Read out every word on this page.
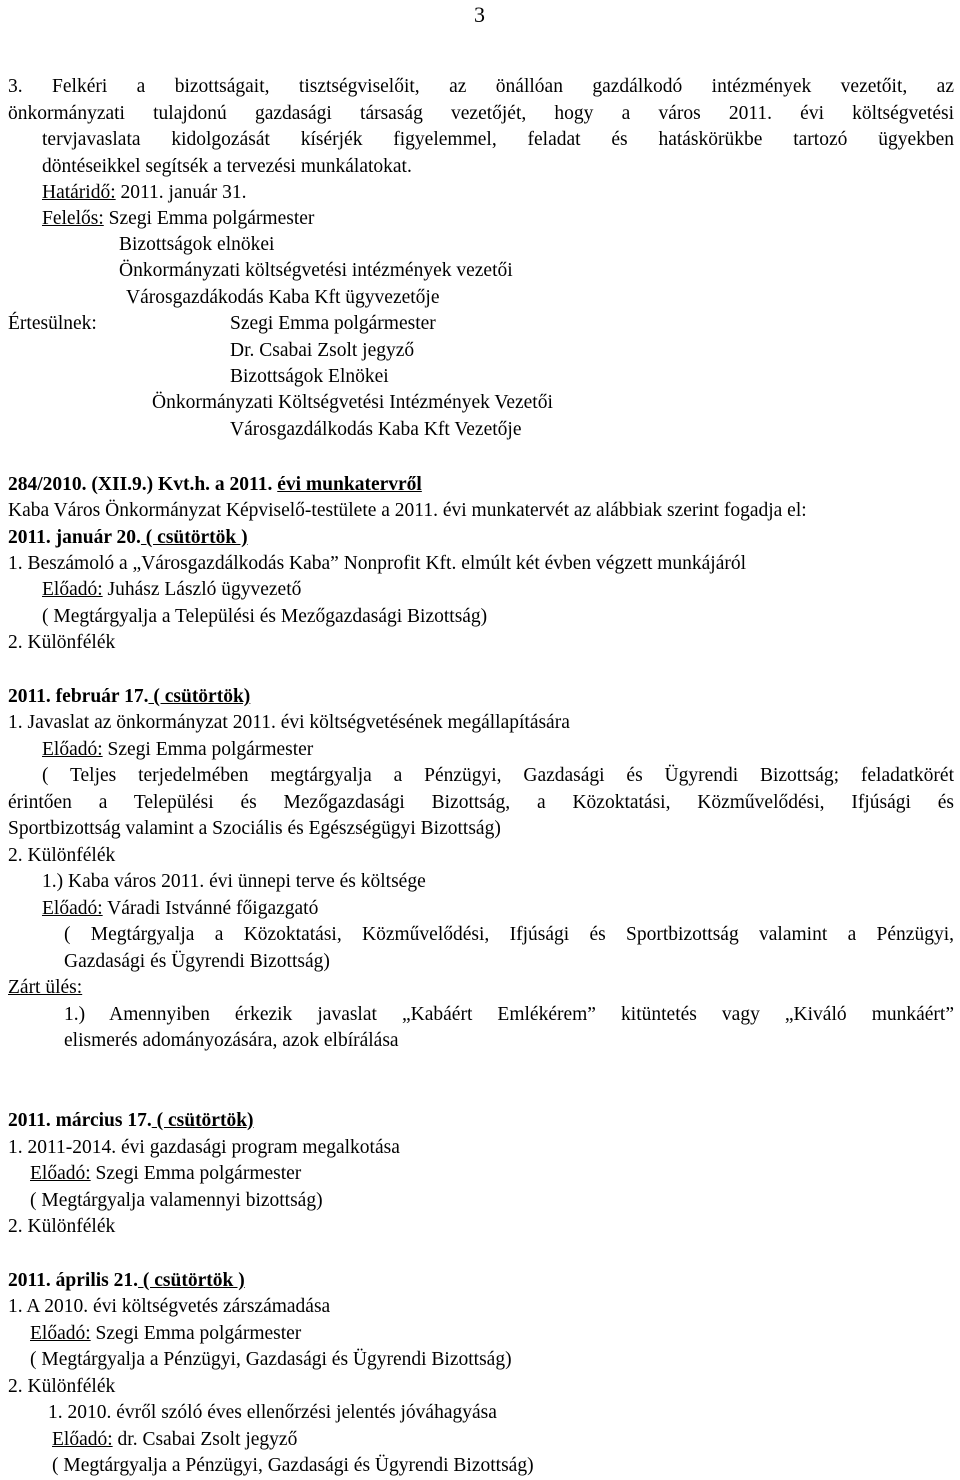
3
3. Felkéri a bizottságait, tisztségviselőit, az önállóan gazdálkodó intézmények vezetőit, az
önkormányzati tulajdonú gazdasági társaság vezetőjét, hogy a város 2011. évi költségvetési
tervjavaslata kidolgozását kísérjék figyelemmel, feladat és hatáskörükbe tartozó ügyekben
döntéseikkel segítsék a tervezési munkálatokat.
Határidő: 2011. január 31.
Felelős: Szegi Emma polgármester
Bizottságok elnökei
Önkormányzati költségvetési intézmények vezetői
Városgazdákodás Kaba Kft ügyvezetője
Értesülnek:	Szegi Emma polgármester
Dr. Csabai Zsolt jegyző
Bizottságok Elnökei
Önkormányzati Költségvetési Intézmények Vezetői
Városgazdálkodás Kaba Kft Vezetője
284/2010. (XII.9.) Kvt.h. a 2011. évi munkatervről
Kaba Város Önkormányzat Képviselő-testülete a 2011. évi munkatervét az alábbiak szerint fogadja el:
2011. január 20. ( csütörtök )
1. Beszámoló a „Városgazdálkodás Kaba” Nonprofit Kft. elmúlt két évben végzett munkájáról
Előadó: Juhász László ügyvezető
( Megtárgyalja a Települési és Mezőgazdasági Bizottság)
2. Különfélék
2011. február 17. ( csütörtök)
1. Javaslat az önkormányzat 2011. évi költségvetésének megállapítására
Előadó: Szegi Emma polgármester
( Teljes terjedelmében megtárgyalja a Pénzügyi, Gazdasági és Ügyrendi Bizottság; feladatkörét
érintően a Települési és Mezőgazdasági Bizottság, a Közoktatási, Közművelődési, Ifjúsági és
Sportbizottság valamint a Szociális és Egészségügyi Bizottság)
2. Különfélék
1.) Kaba város 2011. évi ünnepi terve és költsége
Előadó: Váradi Istvánné főigazgató
( Megtárgyalja a Közoktatási, Közművelődési, Ifjúsági és Sportbizottság valamint a Pénzügyi,
Gazdasági és Ügyrendi Bizottság)
Zárt ülés:
1.) Amennyiben érkezik javaslat „Kabáért Emlékérem” kitüntetés vagy „Kiváló munkáért”
elismerés adományozására, azok elbírálása
2011. március 17. ( csütörtök)
1. 2011-2014. évi gazdasági program megalkotása
Előadó: Szegi Emma polgármester
( Megtárgyalja valamennyi bizottság)
2. Különfélék
2011. április 21. ( csütörtök )
1. A 2010. évi költségvetés zárszámadása
Előadó: Szegi Emma polgármester
( Megtárgyalja a Pénzügyi, Gazdasági és Ügyrendi Bizottság)
2. Különfélék
1. 2010. évről szóló éves ellenőrzési jelentés jóváhagyása
Előadó: dr. Csabai Zsolt jegyző
( Megtárgyalja a Pénzügyi, Gazdasági és Ügyrendi Bizottság)
